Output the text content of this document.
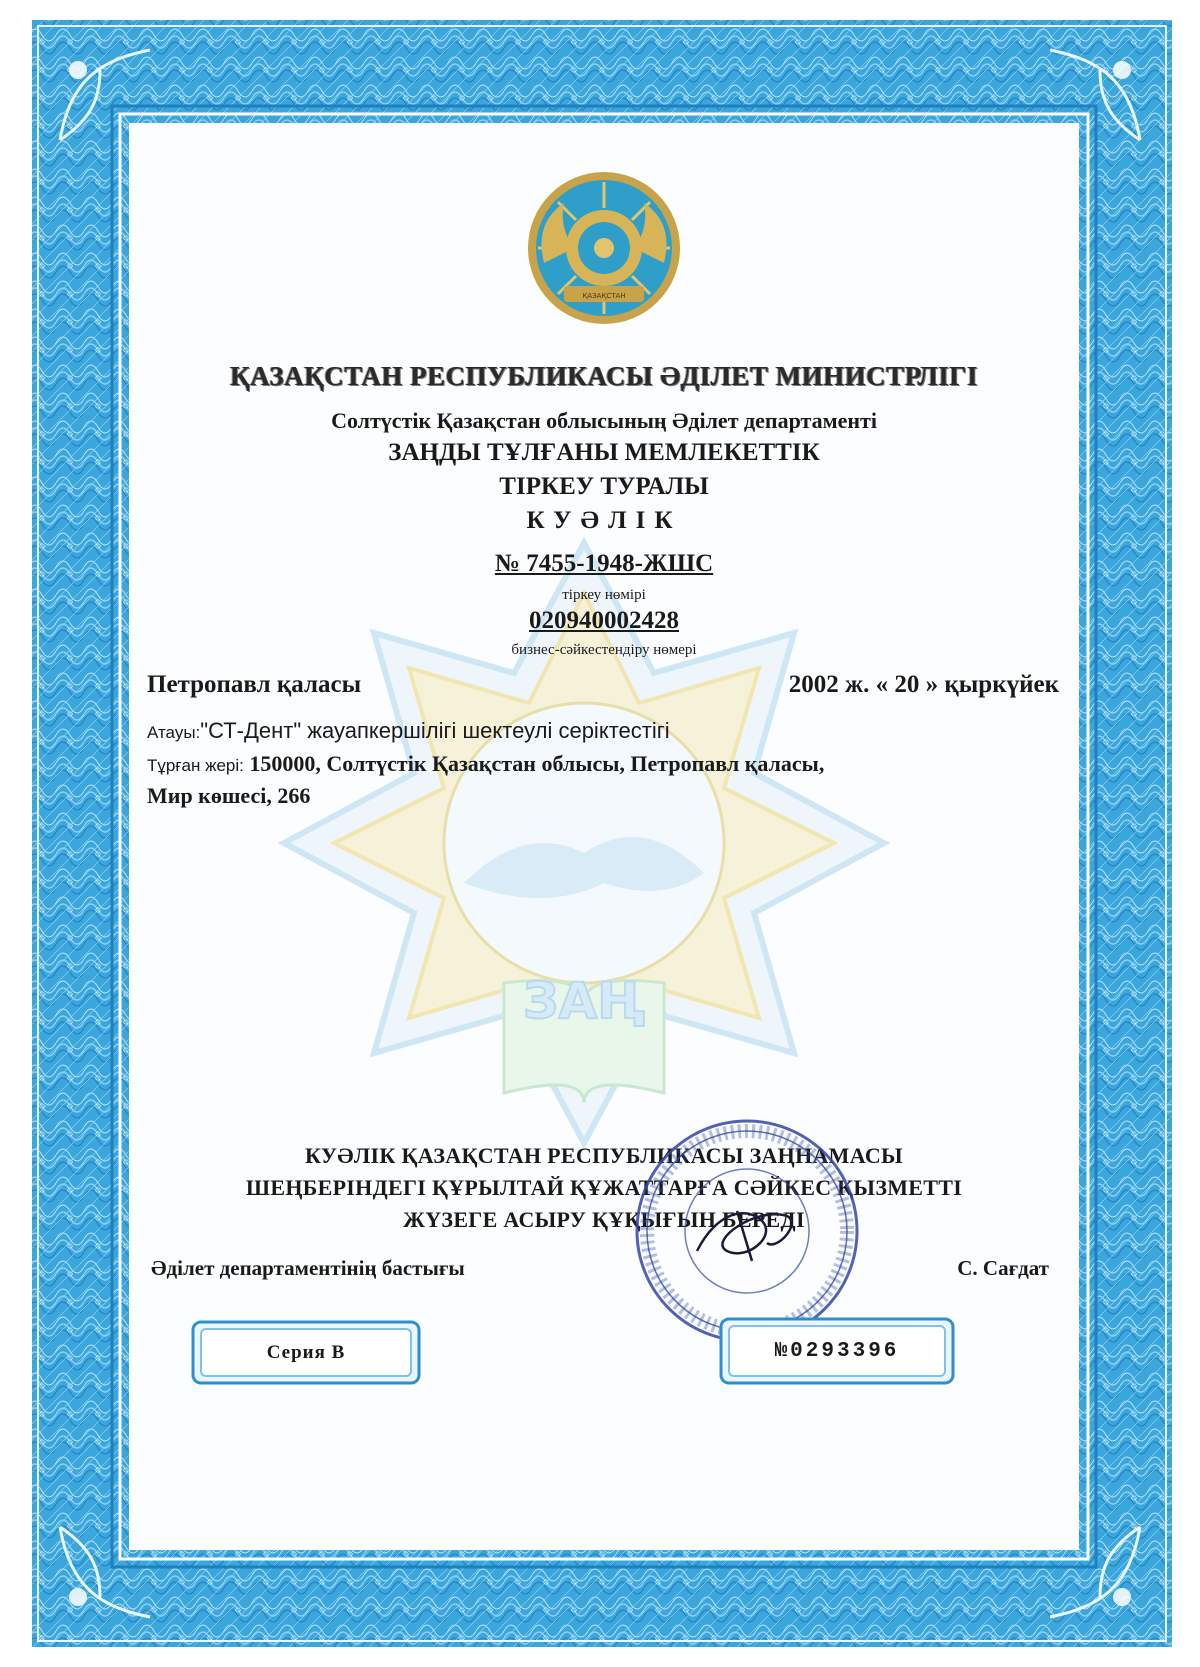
ЗАҢ
ҚАЗАҚСТАН
ҚАЗАҚСТАН РЕСПУБЛИКАСЫ ӘДІЛЕТ МИНИСТРЛІГІ
Солтүстік Қазақстан облысының Әділет департаменті
ЗАҢДЫ ТҰЛҒАНЫ МЕМЛЕКЕТТІК
ТІРКЕУ ТУРАЛЫ
КУӘЛІК
№ 7455-1948-ЖШС
тіркеу нөмірі
020940002428
бизнес-сәйкестендіру нөмері
Петропавл қаласы	2002 ж. « 20 » қыркүйек
Атауы:"СТ-Дент" жауапкершілігі шектеулі серіктестігі
Тұрған жері: 150000, Солтүстік Қазақстан облысы, Петропавл қаласы,
Мир көшесі, 266
КУӘЛІК ҚАЗАҚСТАН РЕСПУБЛИКАСЫ ЗАҢНАМАСЫ
ШЕҢБЕРІНДЕГІ ҚҰРЫЛТАЙ ҚҰЖАТТАРҒА СӘЙКЕС ҚЫЗМЕТТІ
ЖҮЗЕГЕ АСЫРУ ҚҰҚЫҒЫН БЕРЕДІ
Әділет департаментінің бастығы	С. Сағдат
Серия В	№0293396
